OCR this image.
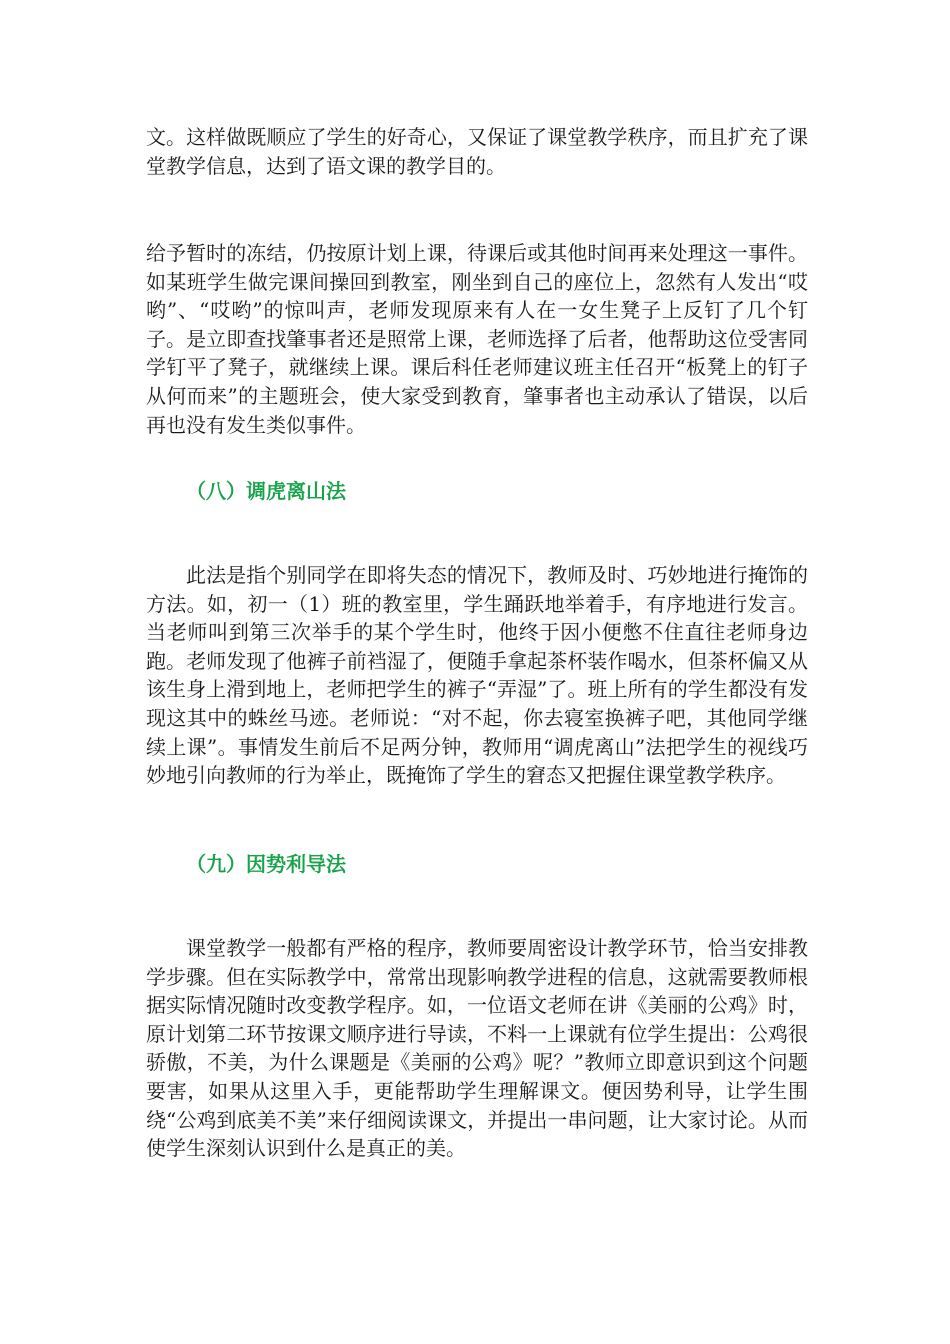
文。这样做既顺应了学生的好奇心，又保证了课堂教学秩序，而且扩充了课堂教学信息，达到了语文课的教学目的。

给予暂时的冻结，仍按原计划上课，待课后或其他时间再来处理这一事件。如某班学生做完课间操回到教室，刚坐到自己的座位上，忽然有人发出“哎哟”、“哎哟”的惊叫声，老师发现原来有人在一女生凳子上反钉了几个钉子。是立即查找肇事者还是照常上课，老师选择了后者，他帮助这位受害同学钉平了凳子，就继续上课。课后科任老师建议班主任召开“板凳上的钉子从何而来”的主题班会，使大家受到教育，肇事者也主动承认了错误，以后再也没有发生类似事件。

（八）调虎离山法

此法是指个别同学在即将失态的情况下，教师及时、巧妙地进行掩饰的方法。如，初一（1）班的教室里，学生踊跃地举着手，有序地进行发言。当老师叫到第三次举手的某个学生时，他终于因小便憋不住直往老师身边跑。老师发现了他裤子前裆湿了，便随手拿起茶杯装作喝水，但茶杯偏又从该生身上滑到地上，老师把学生的裤子“弄湿”了。班上所有的学生都没有发现这其中的蛛丝马迹。老师说：“对不起，你去寝室换裤子吧，其他同学继续上课”。事情发生前后不足两分钟，教师用“调虎离山”法把学生的视线巧妙地引向教师的行为举止，既掩饰了学生的窘态又把握住课堂教学秩序。

（九）因势利导法

课堂教学一般都有严格的程序，教师要周密设计教学环节，恰当安排教学步骤。但在实际教学中，常常出现影响教学进程的信息，这就需要教师根据实际情况随时改变教学程序。如，一位语文老师在讲《美丽的公鸡》时，原计划第二环节按课文顺序进行导读，不料一上课就有位学生提出：公鸡很骄傲，不美，为什么课题是《美丽的公鸡》呢？”教师立即意识到这个问题要害，如果从这里入手，更能帮助学生理解课文。便因势利导，让学生围绕“公鸡到底美不美”来仔细阅读课文，并提出一串问题，让大家讨论。从而使学生深刻认识到什么是真正的美。
